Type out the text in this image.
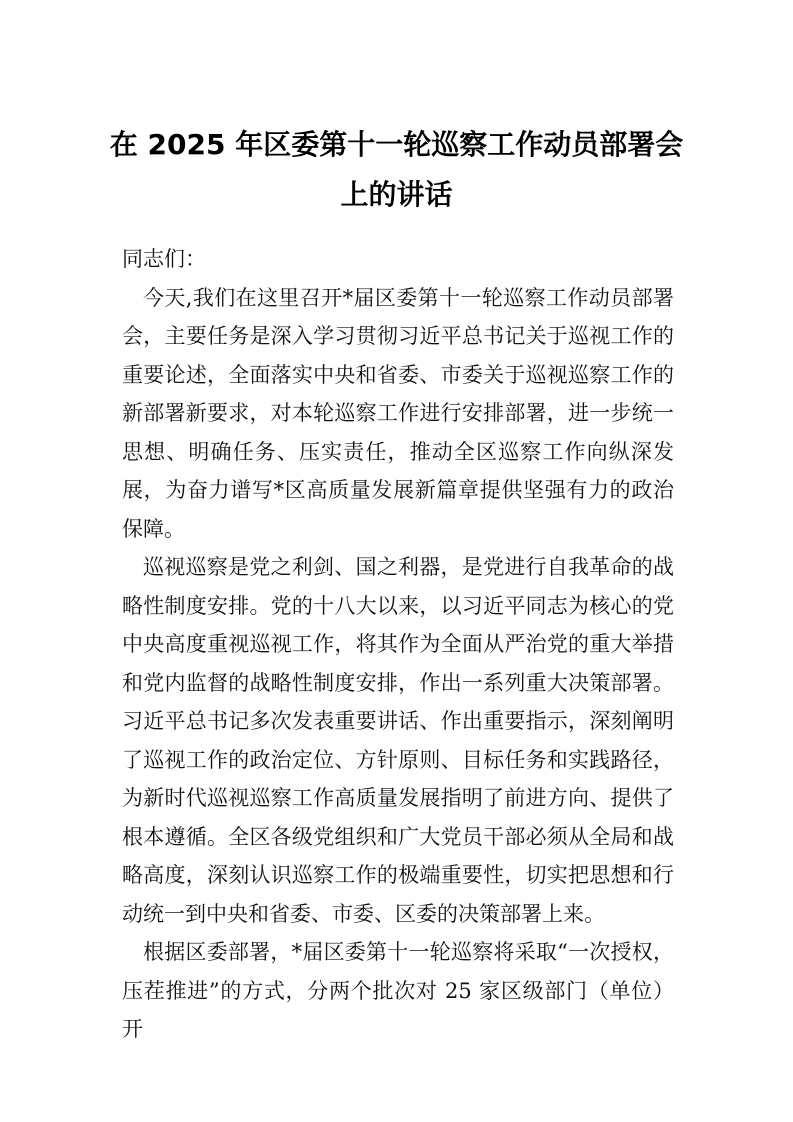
在 2025 年区委第十一轮巡察工作动员部署会上的讲话

同志们：

今天,我们在这里召开*届区委第十一轮巡察工作动员部署会，主要任务是深入学习贯彻习近平总书记关于巡视工作的重要论述，全面落实中央和省委、市委关于巡视巡察工作的新部署新要求，对本轮巡察工作进行安排部署，进一步统一思想、明确任务、压实责任，推动全区巡察工作向纵深发展，为奋力谱写*区高质量发展新篇章提供坚强有力的政治保障。

巡视巡察是党之利剑、国之利器，是党进行自我革命的战略性制度安排。党的十八大以来，以习近平同志为核心的党中央高度重视巡视工作，将其作为全面从严治党的重大举措和党内监督的战略性制度安排，作出一系列重大决策部署。习近平总书记多次发表重要讲话、作出重要指示，深刻阐明了巡视工作的政治定位、方针原则、目标任务和实践路径，为新时代巡视巡察工作高质量发展指明了前进方向、提供了根本遵循。全区各级党组织和广大党员干部必须从全局和战略高度，深刻认识巡察工作的极端重要性，切实把思想和行动统一到中央和省委、市委、区委的决策部署上来。

根据区委部署，*届区委第十一轮巡察将采取“一次授权，压茬推进”的方式，分两个批次对 25 家区级部门（单位）开
